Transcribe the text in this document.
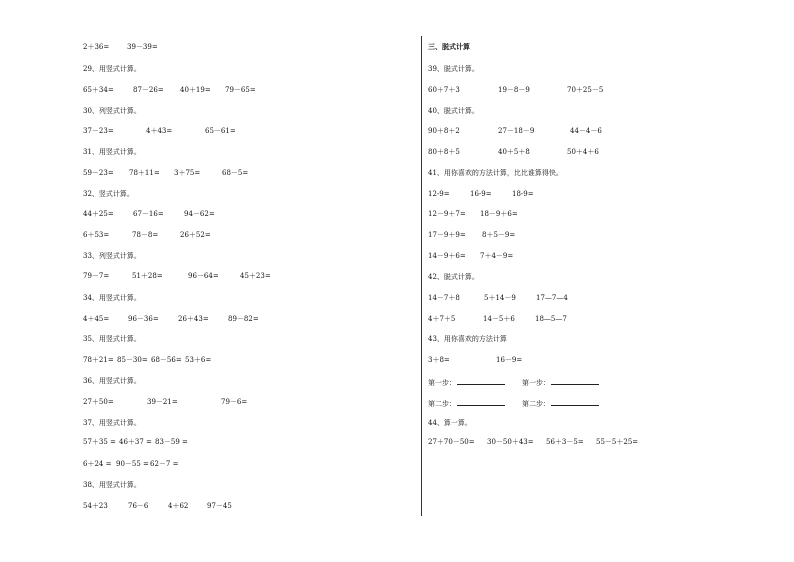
2＋36=	39－39=
29、用竖式计算。
65＋34=	87－26= 40＋19= 79－65=
30、列竖式计算。
37－23=	4＋43=	65－61=
31、用竖式计算。
59－23= 78＋11= 3＋75=	68－5=
32、竖式计算。
44＋25=	67－16=	94－62=
6＋53=	78－8=	26＋52=
33、列竖式计算。
79－7=	51＋28=	96－64=	45＋23=
34、用竖式计算。
4＋45=	96－36=	26＋43=	89－82=
35、用竖式计算。
78＋21= 85－30= 68－56= 53＋6=
36、用竖式计算。
27＋50=	39－21=	79－6=
37、用竖式计算。
57＋35 = 46＋37 = 83－59 =
6＋24 = 90－55 = 62－7 =
38、用竖式计算。
54＋23	76－6	4＋62	97－45
三、脱式计算
39、脱式计算。
60＋7＋3	19－8－9	70＋25－5
40、脱式计算。
90＋8＋2	27－18－9	44－4－6
80＋8＋5	40＋5＋8	50＋4＋6
41、用你喜欢的方法计算，比比谁算得快。
12-9=	16-9=	18-9=
12－9＋7= 18－9＋6=
17－9＋9= 8＋5－9=
14－9＋6= 7＋4－9=
42、脱式计算。
14－7＋8	5＋14－9	17—7—4
4＋7＋5	14－5＋6	18—5—7
43、用你喜欢的方法计算
3＋8=	16－9=
第一步：	第一步：
第二步：	第二步：
44、算一算。
27＋70－50= 30－50＋43= 56＋3－5= 55－5＋25=
